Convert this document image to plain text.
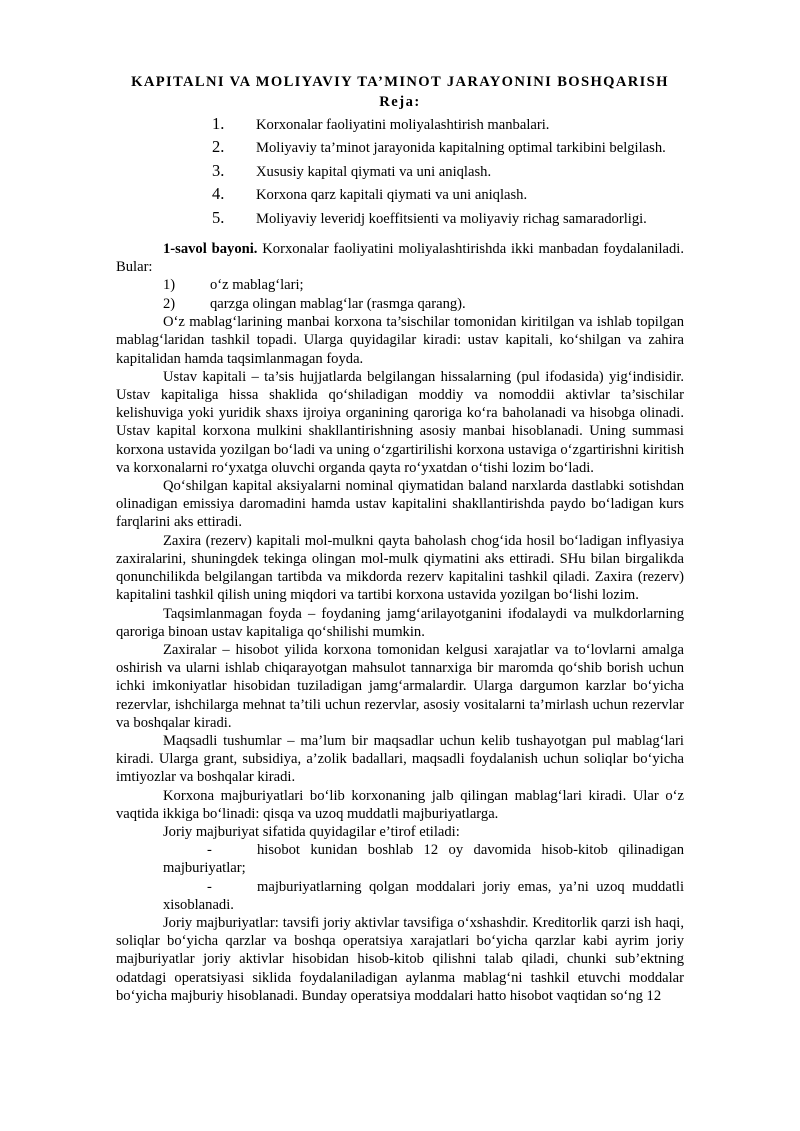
KAPITALNI VA MOLIYAVIY TA’MINOT JARAYONINI BOSHQARISH
Reja:
1.	Korxonalar faoliyatini moliyalashtirish manbalari.
2.	Moliyaviy ta’minot jarayonida kapitalning optimal tarkibini belgilash.
3.	Xususiy kapital qiymati va uni aniqlash.
4.	Korxona qarz kapitali qiymati va uni aniqlash.
5.	Moliyaviy leveridj koeffitsienti va moliyaviy richag samaradorligi.

1-savol bayoni. Korxonalar faoliyatini moliyalashtirishda ikki manbadan foydalaniladi. Bular:

1)	o‘z mablag‘lari;
2)	qarzga olingan mablag‘lar (rasmga qarang).

O‘z mablag‘larining manbai korxona ta’sischilar tomonidan kiritilgan va ishlab topilgan mablag‘laridan tashkil topadi. Ularga quyidagilar kiradi: ustav kapitali, ko‘shilgan va zahira kapitalidan hamda taqsimlanmagan foyda.

Ustav kapitali – ta’sis hujjatlarda belgilangan hissalarning (pul ifodasida) yig‘indisidir. Ustav kapitaliga hissa shaklida qo‘shiladigan moddiy va nomoddii aktivlar ta’sischilar kelishuviga yoki yuridik shaxs ijroiya organining qaroriga ko‘ra baholanadi va hisobga olinadi. Ustav kapital korxona mulkini shakllantirishning asosiy manbai hisoblanadi. Uning summasi korxona ustavida yozilgan bo‘ladi va uning o‘zgartirilishi korxona ustaviga o‘zgartirishni kiritish va korxonalarni ro‘yxatga oluvchi organda qayta ro‘yxatdan o‘tishi lozim bo‘ladi.

Qo‘shilgan kapital aksiyalarni nominal qiymatidan baland narxlarda dastlabki sotishdan olinadigan emissiya daromadini hamda ustav kapitalini shakllantirishda paydo bo‘ladigan kurs farqlarini aks ettiradi.

Zaxira (rezerv) kapitali mol-mulkni qayta baholash chog‘ida hosil bo‘ladigan inflyasiya zaxiralarini, shuningdek tekinga olingan mol-mulk qiymatini aks ettiradi. SHu bilan birgalikda qonunchilikda belgilangan tartibda va mikdorda rezerv kapitalini tashkil qiladi. Zaxira (rezerv) kapitalini tashkil qilish uning miqdori va tartibi korxona ustavida yozilgan bo‘lishi lozim.

Taqsimlanmagan foyda – foydaning jamg‘arilayotganini ifodalaydi va mulkdorlarning qaroriga binoan ustav kapitaliga qo‘shilishi mumkin.

Zaxiralar – hisobot yilida korxona tomonidan kelgusi xarajatlar va to‘lovlarni amalga oshirish va ularni ishlab chiqarayotgan mahsulot tannarxiga bir maromda qo‘shib borish uchun ichki imkoniyatlar hisobidan tuziladigan jamg‘armalardir. Ularga dargumon karzlar bo‘yicha rezervlar, ishchilarga mehnat ta’tili uchun rezervlar, asosiy vositalarni ta’mirlash uchun rezervlar va boshqalar kiradi.

Maqsadli tushumlar – ma’lum bir maqsadlar uchun kelib tushayotgan pul mablag‘lari kiradi. Ularga grant, subsidiya, a’zolik badallari, maqsadli foydalanish uchun soliqlar bo‘yicha imtiyozlar va boshqalar kiradi.

Korxona majburiyatlari bo‘lib korxonaning jalb qilingan mablag‘lari kiradi. Ular o‘z vaqtida ikkiga bo‘linadi: qisqa va uzoq muddatli majburiyatlarga.

Joriy majburiyat sifatida quyidagilar e’tirof etiladi:

-	hisobot kunidan boshlab 12 oy davomida hisob-kitob qilinadigan majburiyatlar;
-	majburiyatlarning qolgan moddalari joriy emas, ya’ni uzoq muddatli xisoblanadi.

Joriy majburiyatlar: tavsifi joriy aktivlar tavsifiga o‘xshashdir. Kreditorlik qarzi ish haqi, soliqlar bo‘yicha qarzlar va boshqa operatsiya xarajatlari bo‘yicha qarzlar kabi ayrim joriy majburiyatlar joriy aktivlar hisobidan hisob-kitob qilishni talab qiladi, chunki sub’ektning odatdagi operatsiyasi siklida foydalaniladigan aylanma mablag‘ni tashkil etuvchi moddalar bo‘yicha majburiy hisoblanadi. Bunday operatsiya moddalari hatto hisobot vaqtidan so‘ng 12
